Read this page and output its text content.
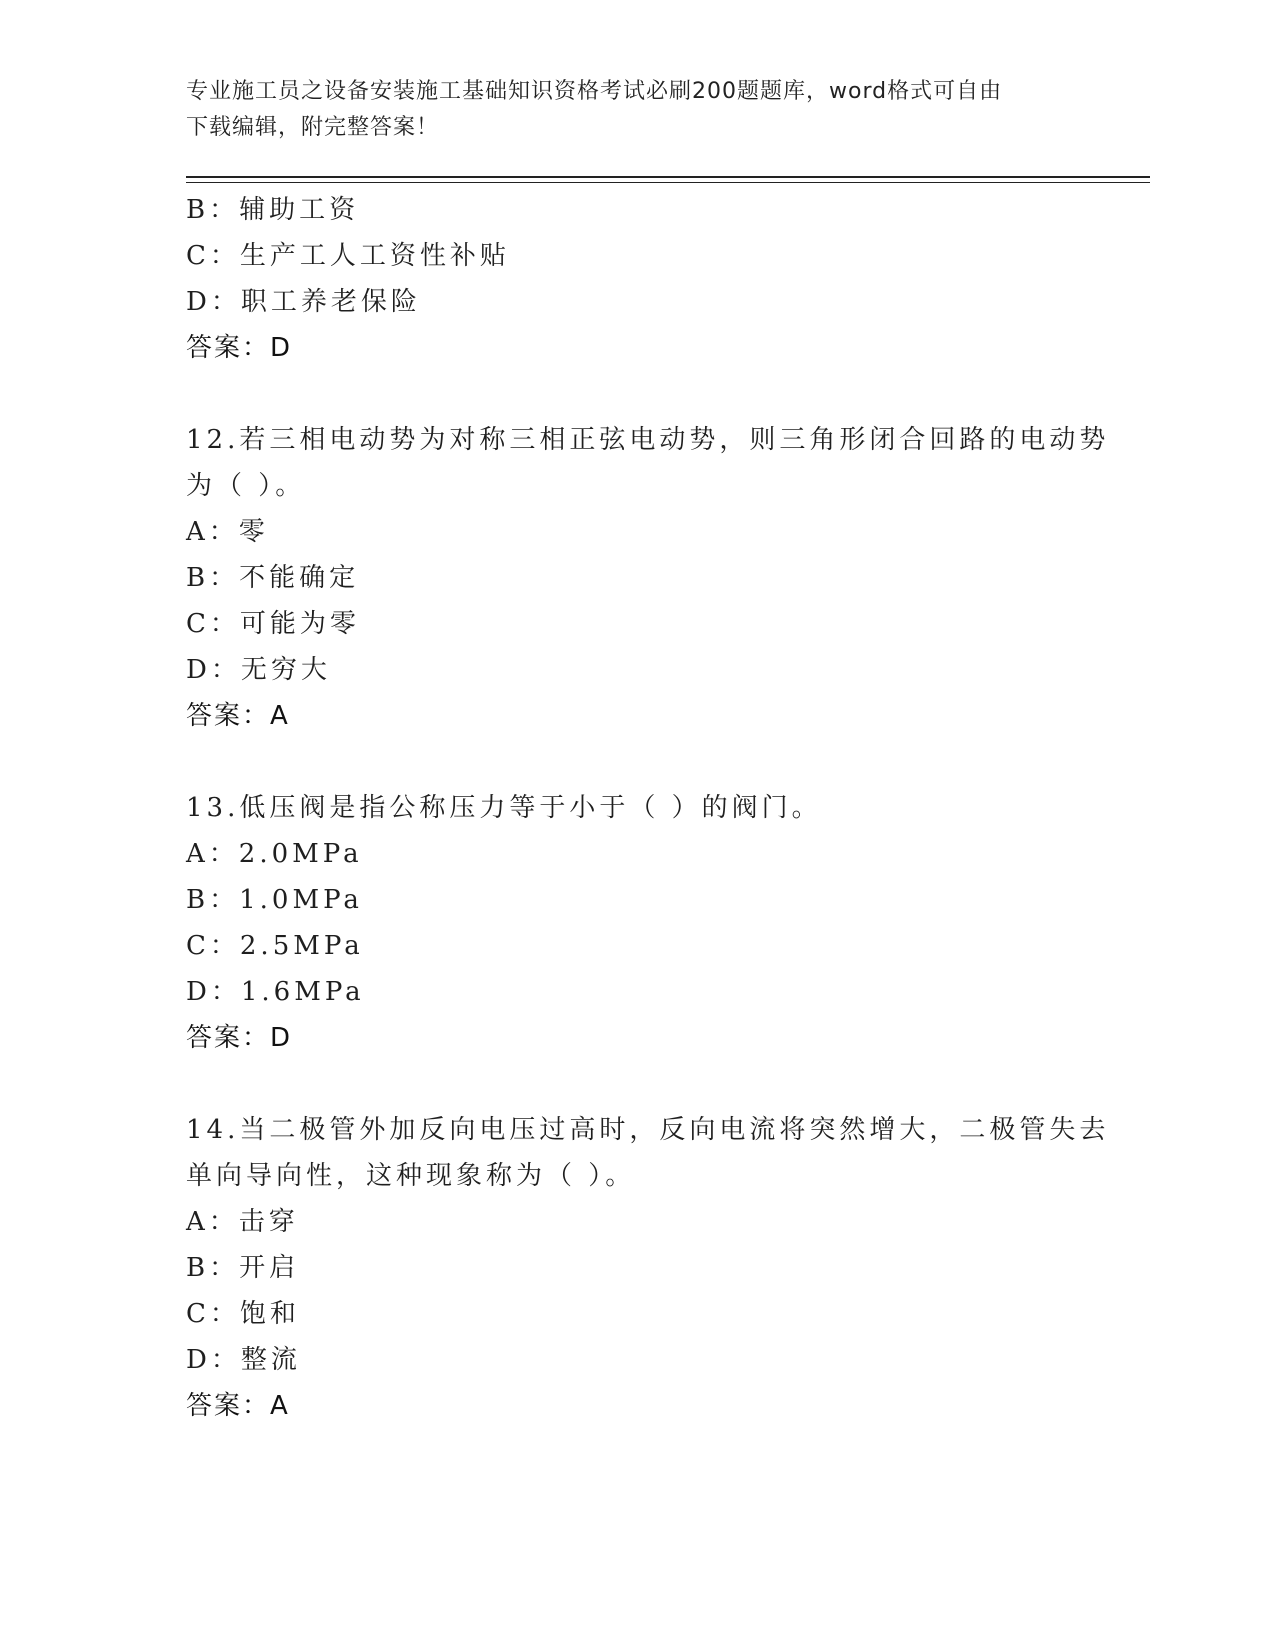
专业施工员之设备安装施工基础知识资格考试必刷200题题库，word格式可自由
下载编辑，附完整答案！
B：辅助工资
C：生产工人工资性补贴
D：职工养老保险
答案：D
12.若三相电动势为对称三相正弦电动势，则三角形闭合回路的电动势
为（ ）。
A：零
B：不能确定
C：可能为零
D：无穷大
答案：A
13.低压阀是指公称压力等于小于（ ）的阀门。
A：2.0MPa
B：1.0MPa
C：2.5MPa
D：1.6MPa
答案：D
14.当二极管外加反向电压过高时，反向电流将突然增大，二极管失去
单向导向性，这种现象称为（ ）。
A：击穿
B：开启
C：饱和
D：整流
答案：A
